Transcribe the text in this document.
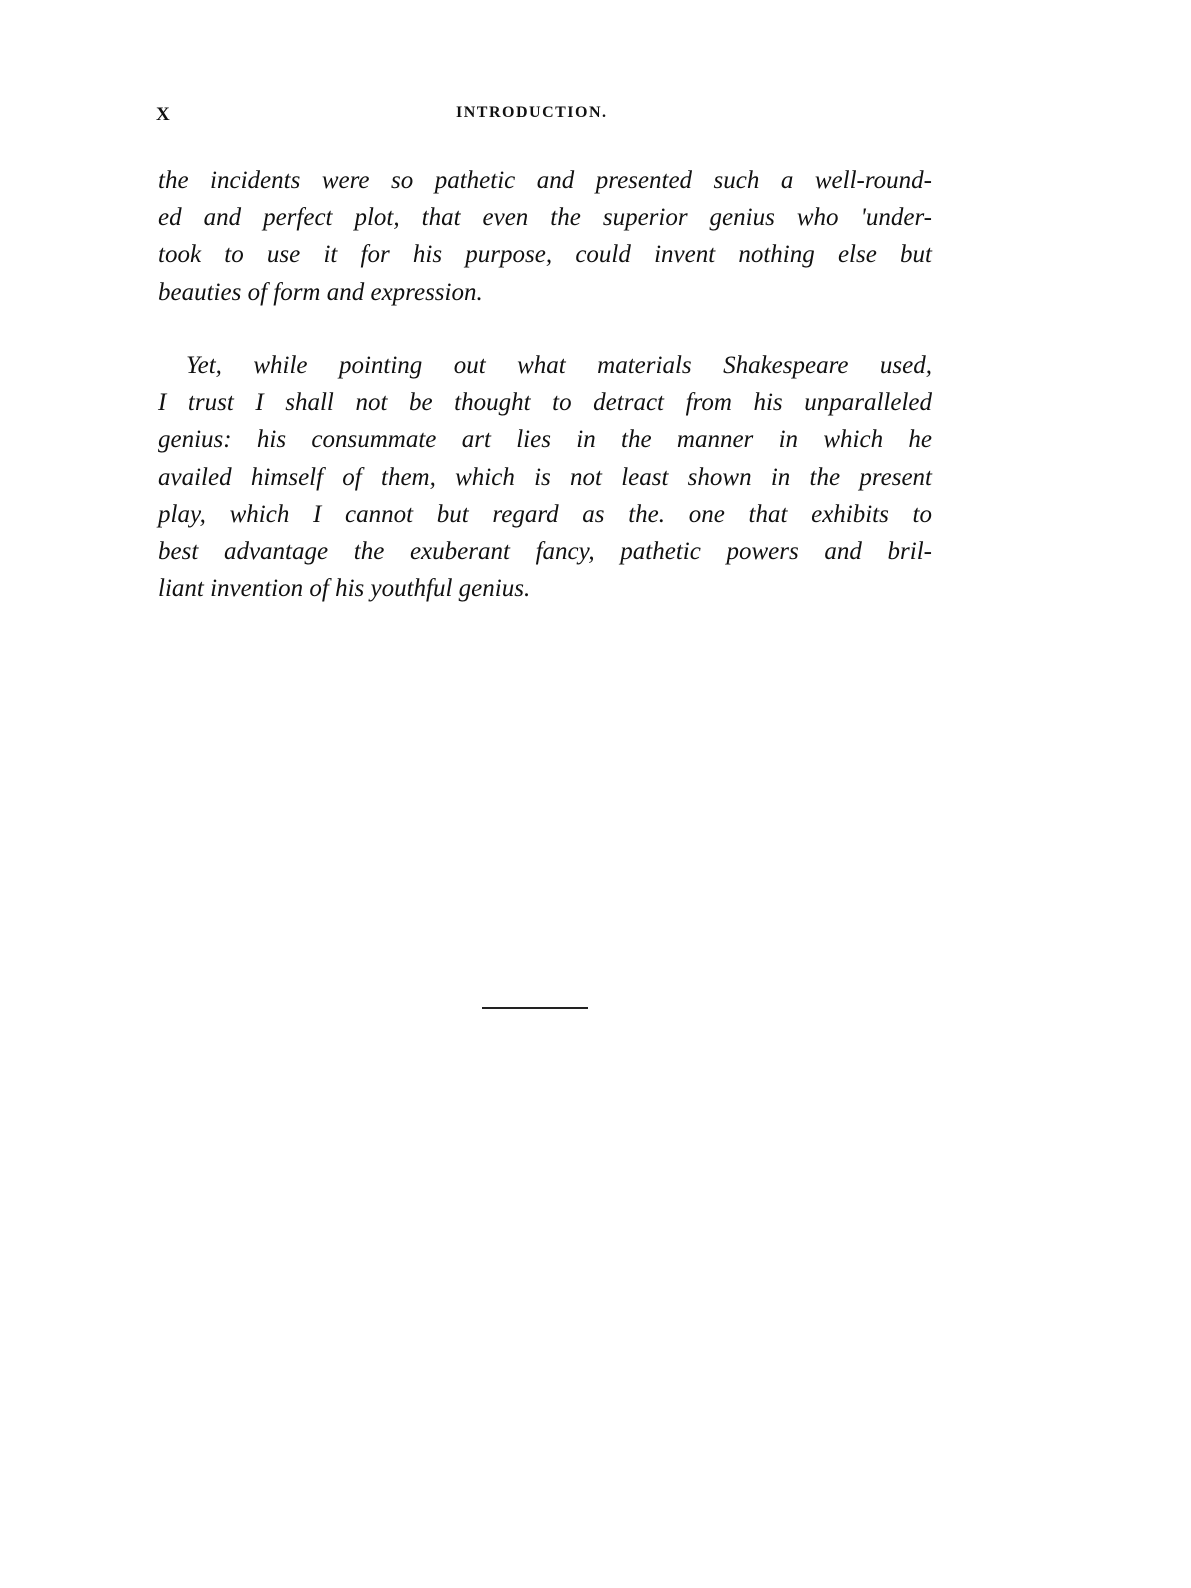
X	INTRODUCTION.
the incidents were so pathetic and presented such a well-round-
ed and perfect plot, that even the superior genius who 'under-
took to use it for his purpose, could invent nothing else but
beauties of form and expression.
Yet, while pointing out what materials Shakespeare used,
I trust I shall not be thought to detract from his unparalleled
genius: his consummate art lies in the manner in which he
availed himself of them, which is not least shown in the present
play, which I cannot but regard as the. one that exhibits to
best advantage the exuberant fancy, pathetic powers and bril-
liant invention of his youthful genius.
